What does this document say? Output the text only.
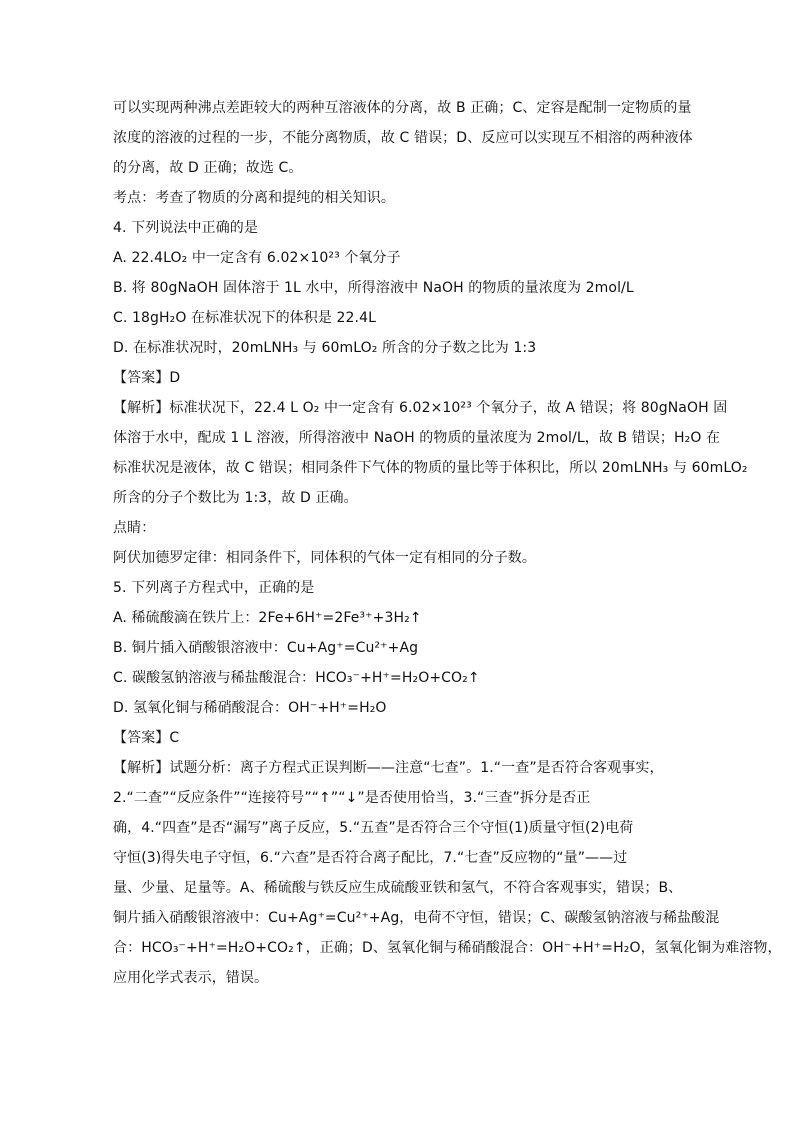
可以实现两种沸点差距较大的两种互溶液体的分离，故 B 正确；C、定容是配制一定物质的量

浓度的溶液的过程的一步，不能分离物质，故 C 错误；D、反应可以实现互不相溶的两种液体

的分离，故 D 正确；故选 C。

考点：考查了物质的分离和提纯的相关知识。

4. 下列说法中正确的是

A. 22.4LO₂ 中一定含有 6.02×10²³ 个氧分子

B. 将 80gNaOH 固体溶于 1L 水中，所得溶液中 NaOH 的物质的量浓度为 2mol/L

C. 18gH₂O 在标准状况下的体积是 22.4L

D. 在标准状况时，20mLNH₃ 与 60mLO₂ 所含的分子数之比为 1:3

【答案】D

【解析】标准状况下，22.4 L O₂ 中一定含有 6.02×10²³ 个氧分子，故 A 错误；将 80gNaOH 固

体溶于水中，配成 1 L 溶液，所得溶液中 NaOH 的物质的量浓度为 2mol/L，故 B 错误；H₂O 在

标准状况是液体，故 C 错误；相同条件下气体的物质的量比等于体积比，所以 20mLNH₃ 与 60mLO₂

所含的分子个数比为 1:3，故 D 正确。

点睛：

阿伏加德罗定律：相同条件下，同体积的气体一定有相同的分子数。

5. 下列离子方程式中，正确的是

A. 稀硫酸滴在铁片上：2Fe+6H⁺=2Fe³⁺+3H₂↑

B. 铜片插入硝酸银溶液中：Cu+Ag⁺=Cu²⁺+Ag

C. 碳酸氢钠溶液与稀盐酸混合：HCO₃⁻+H⁺=H₂O+CO₂↑

D. 氢氧化铜与稀硝酸混合：OH⁻+H⁺=H₂O

【答案】C

【解析】试题分析：离子方程式正误判断——注意“七查”。1.“一查”是否符合客观事实，

2.“二查”“反应条件”“连接符号”“↑”“↓”是否使用恰当，3.“三查”拆分是否正

确，4.“四查”是否“漏写”离子反应，5.“五查”是否符合三个守恒(1)质量守恒(2)电荷

守恒(3)得失电子守恒，6.“六查”是否符合离子配比，7.“七查”反应物的“量”——过

量、少量、足量等。A、稀硫酸与铁反应生成硫酸亚铁和氢气，不符合客观事实，错误；B、

铜片插入硝酸银溶液中：Cu+Ag⁺=Cu²⁺+Ag，电荷不守恒，错误；C、碳酸氢钠溶液与稀盐酸混

合：HCO₃⁻+H⁺=H₂O+CO₂↑，正确；D、氢氧化铜与稀硝酸混合：OH⁻+H⁺=H₂O，氢氧化铜为难溶物，

应用化学式表示，错误。
